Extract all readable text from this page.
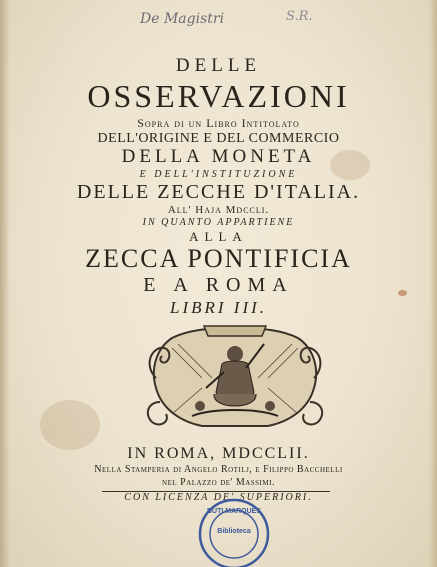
De Magistri	S.R.
DELLE
OSSERVAZIONI
Sopra di un Libro Intitolato
DELL'ORIGINE E DEL COMMERCIO
DELLA MONETA
E DELL'INSTITUZIONE
DELLE ZECCHE D'ITALIA.
All' Haja Mdccli.
IN QUANTO APPARTIENE
ALLA
ZECCA PONTIFICIA
E A ROMA
LIBRI III.
IN ROMA, MDCCLII.
Nella Stamperia di Angelo Rotilj, e Filippo Bacchelli
nel Palazzo de' Massimi.
CON LICENZA DE' SUPERIORI.
BUTI MARQUES
Biblioteca
